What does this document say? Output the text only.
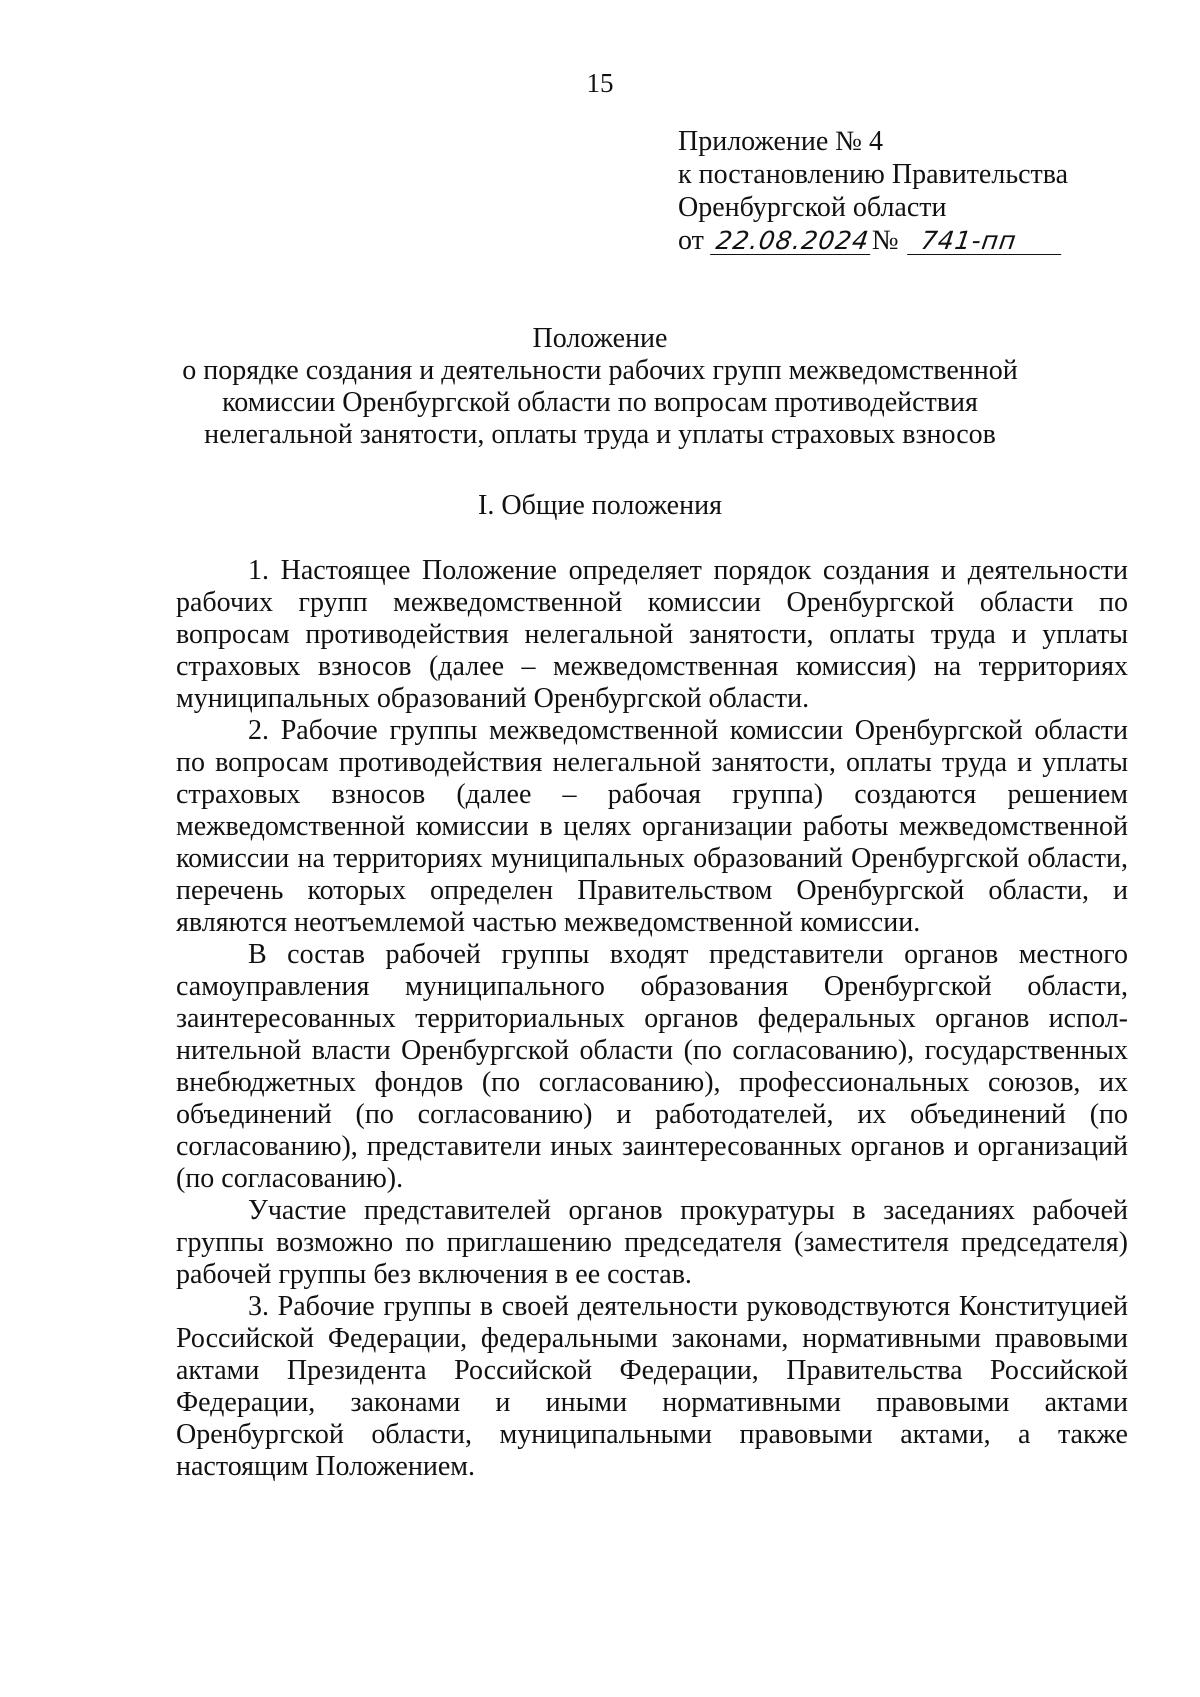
15
Приложение № 4
к постановлению Правительства
Оренбургской области
от 22.08.2024№ 741-пп
Положение
о порядке создания и деятельности рабочих групп межведомственной
комиссии Оренбургской области по вопросам противодействия
нелегальной занятости, оплаты труда и уплаты страховых взносов
I. Общие положения

1. Настоящее Положение определяет порядок создания и деятельности рабочих групп межведомственной комиссии Оренбургской области по вопросам противодействия нелегальной занятости, оплаты труда и уплаты страховых взносов (далее – межведомственная комиссия) на территориях муниципальных образований Оренбургской области.

2. Рабочие группы межведомственной комиссии Оренбургской области по вопросам противодействия нелегальной занятости, оплаты труда и уплаты страховых взносов (далее – рабочая группа) создаются решением межведомственной комиссии в целях организации работы межведомственной комиссии на территориях муниципальных образований Оренбургской области, перечень которых определен Правительством Оренбургской области, и являются неотъемлемой частью межведомственной комиссии.

В состав рабочей группы входят представители органов местного самоуправления муниципального образования Оренбургской области, заинтересованных территориальных органов федеральных органов испол-нительной власти Оренбургской области (по согласованию), государственных внебюджетных фондов (по согласованию), профессиональных союзов, их объединений (по согласованию) и работодателей, их объединений (по согласованию), представители иных заинтересованных органов и организаций (по согласованию).

Участие представителей органов прокуратуры в заседаниях рабочей группы возможно по приглашению председателя (заместителя председателя) рабочей группы без включения в ее состав.

3. Рабочие группы в своей деятельности руководствуются Конституцией Российской Федерации, федеральными законами, нормативными правовыми актами Президента Российской Федерации, Правительства Российской Федерации, законами и иными нормативными правовыми актами Оренбургской области, муниципальными правовыми актами, а также настоящим Положением.
